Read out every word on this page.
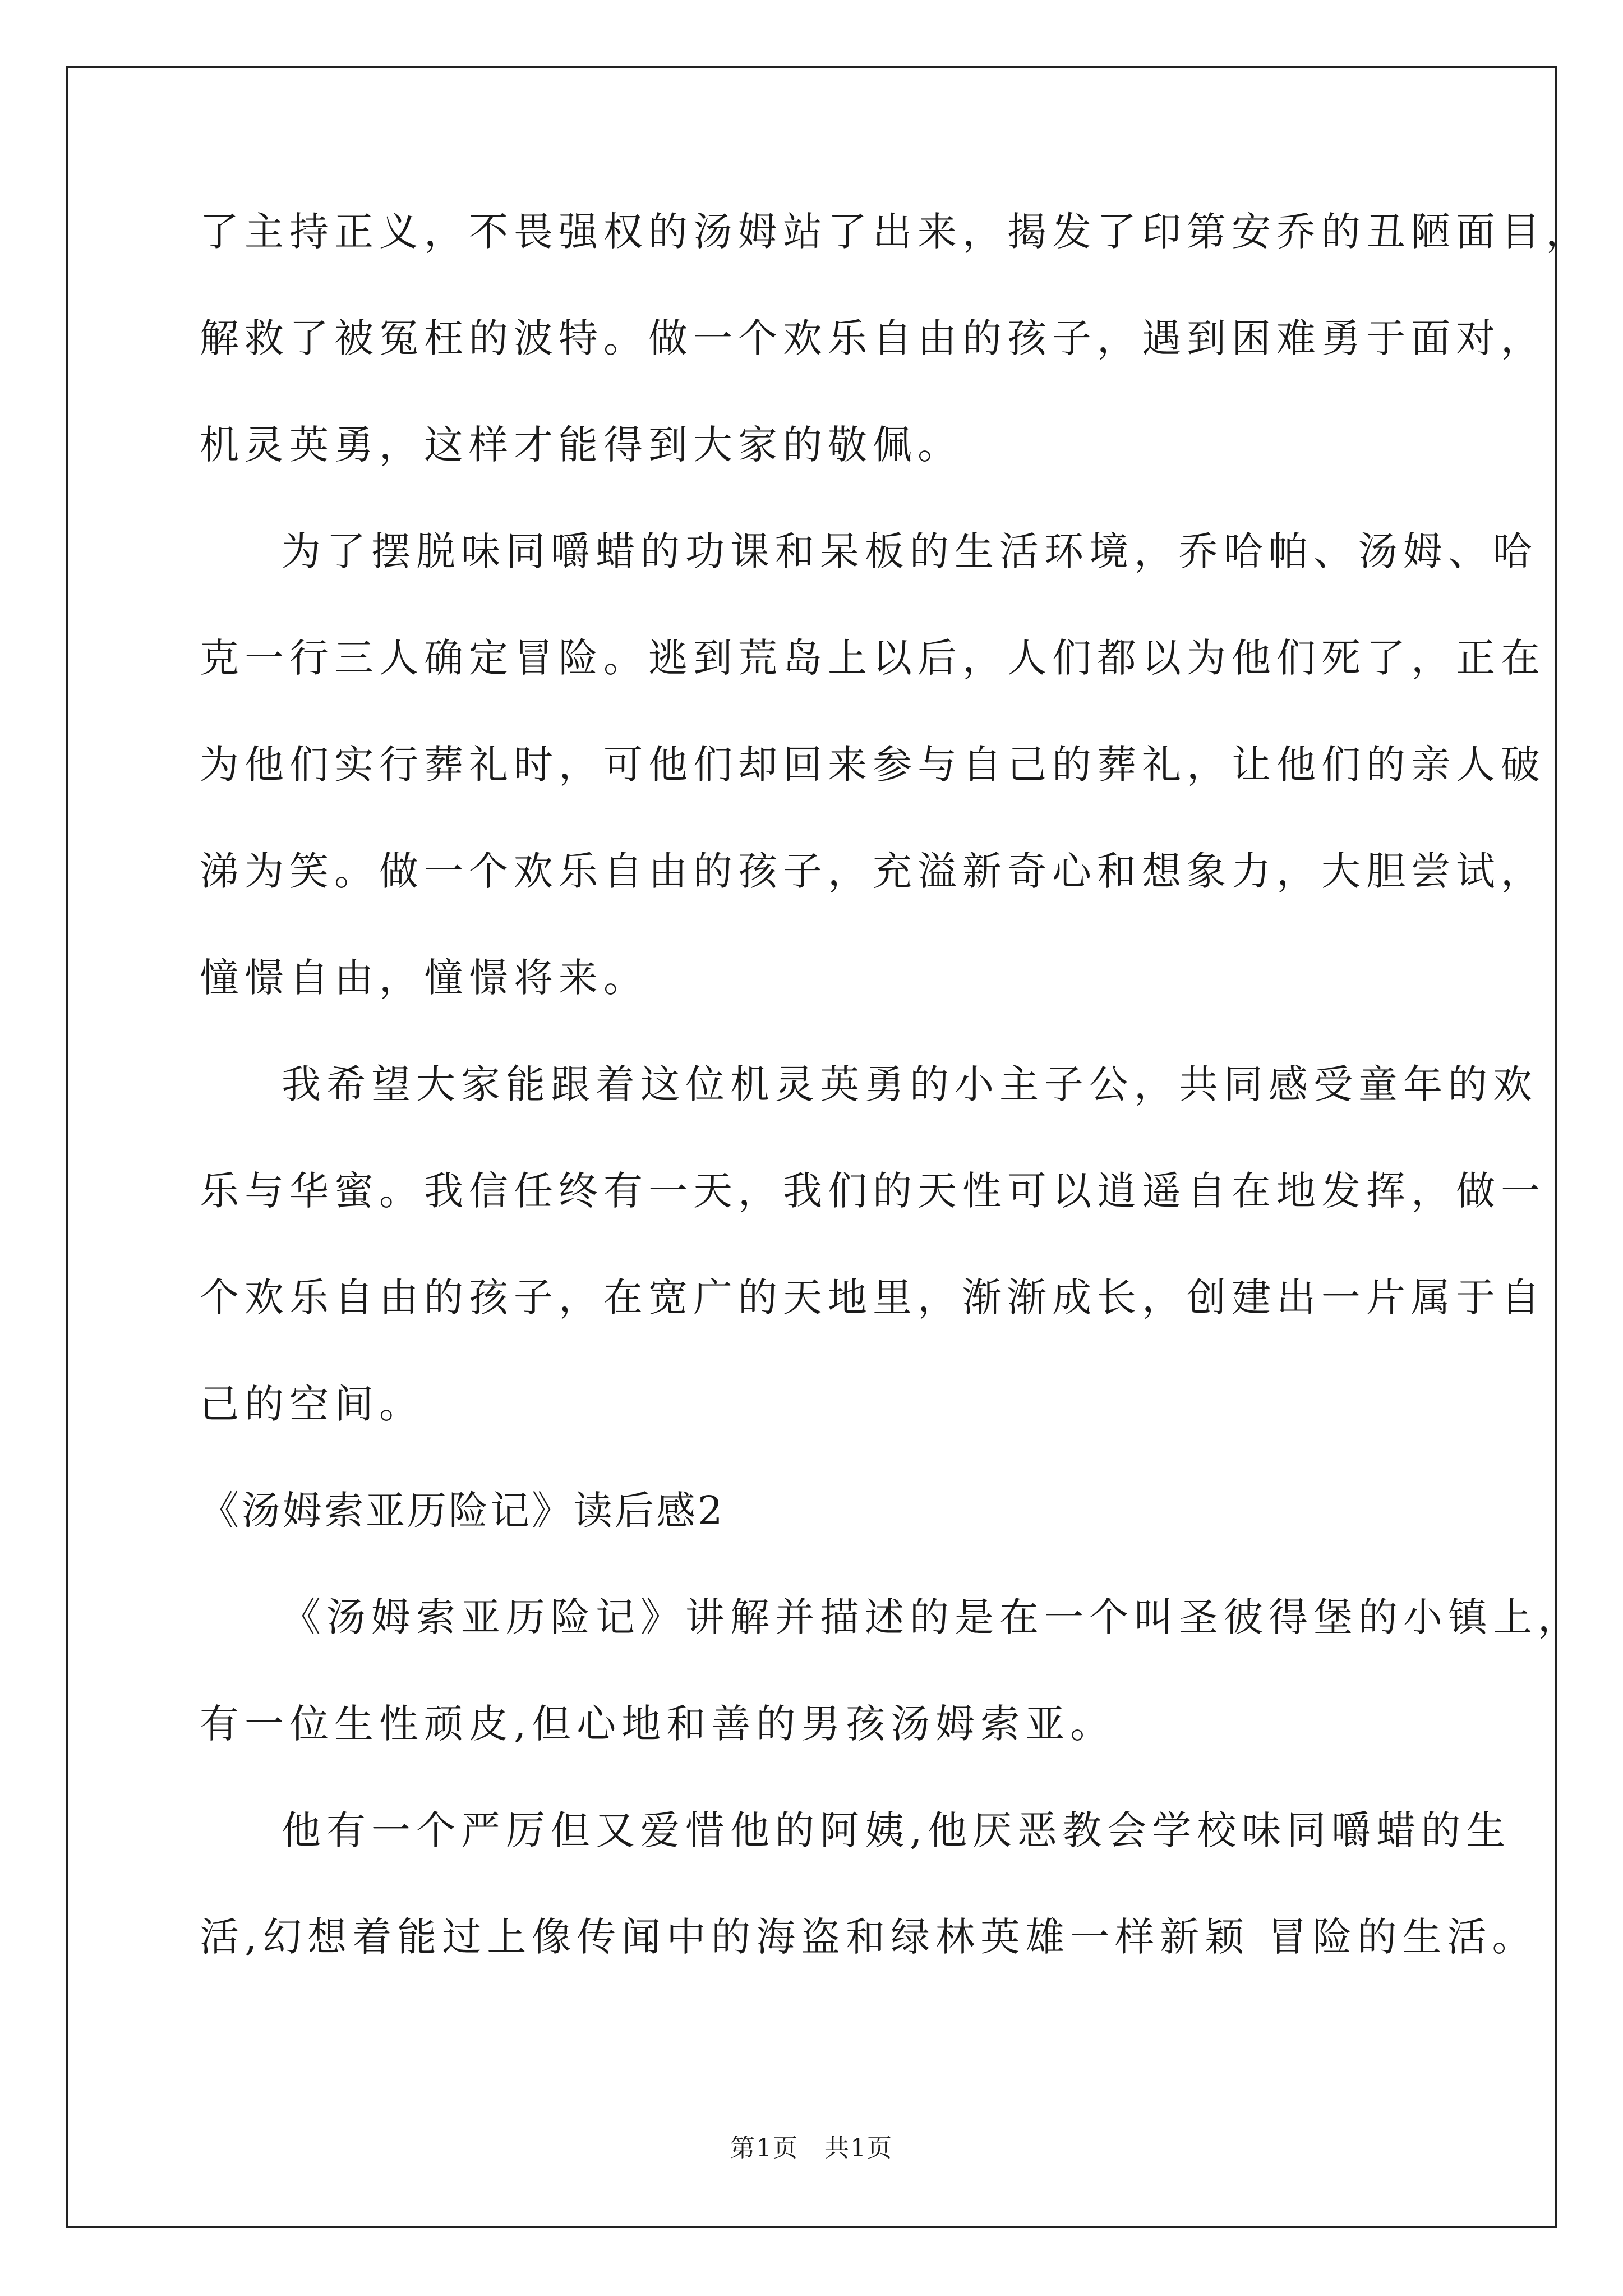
了主持正义，不畏强权的汤姆站了出来，揭发了印第安乔的丑陋面目，
解救了被冤枉的波特。做一个欢乐自由的孩子，遇到困难勇于面对，
机灵英勇，这样才能得到大家的敬佩。
为了摆脱味同嚼蜡的功课和呆板的生活环境，乔哈帕、汤姆、哈
克一行三人确定冒险。逃到荒岛上以后，人们都以为他们死了，正在
为他们实行葬礼时，可他们却回来参与自己的葬礼，让他们的亲人破
涕为笑。做一个欢乐自由的孩子，充溢新奇心和想象力，大胆尝试，
憧憬自由，憧憬将来。
我希望大家能跟着这位机灵英勇的小主子公，共同感受童年的欢
乐与华蜜。我信任终有一天，我们的天性可以逍遥自在地发挥，做一
个欢乐自由的孩子，在宽广的天地里，渐渐成长，创建出一片属于自
己的空间。
《汤姆索亚历险记》读后感2
《汤姆索亚历险记》讲解并描述的是在一个叫圣彼得堡的小镇上，
有一位生性顽皮,但心地和善的男孩汤姆索亚。
他有一个严厉但又爱惜他的阿姨,他厌恶教会学校味同嚼蜡的生
活,幻想着能过上像传闻中的海盗和绿林英雄一样新颖 冒险的生活。
第1页 共1页
